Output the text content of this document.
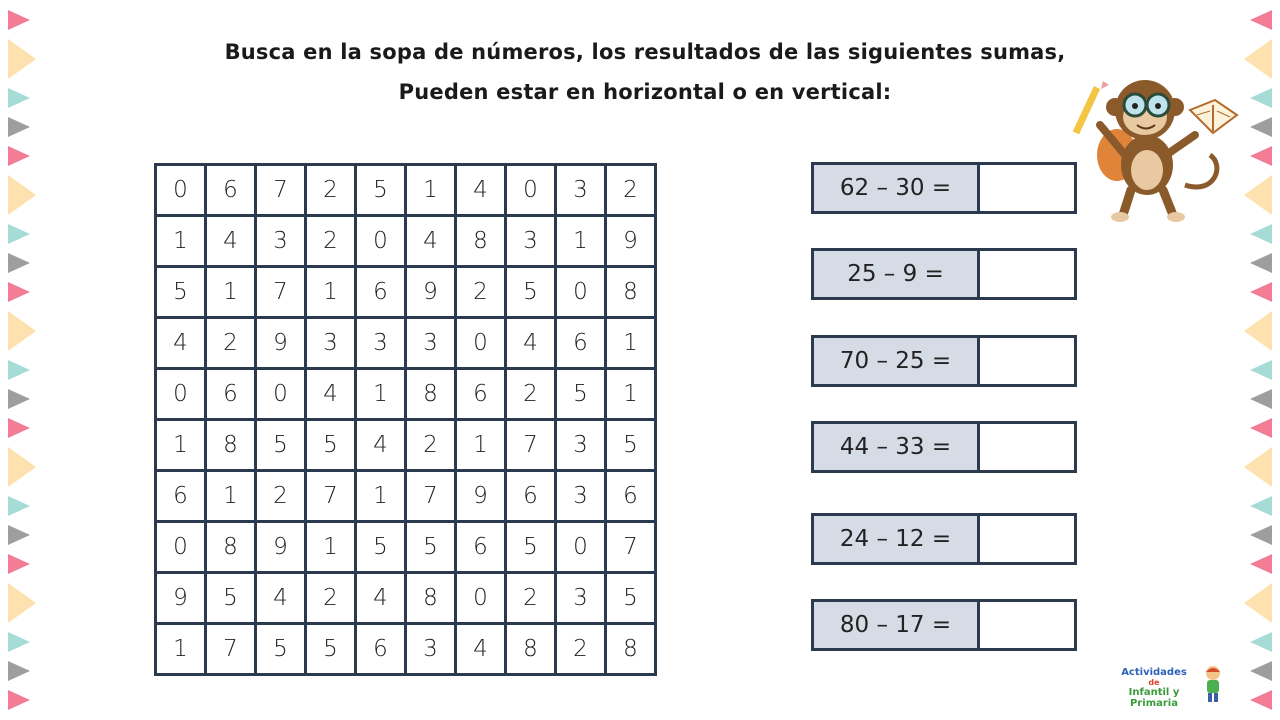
Busca en la sopa de números, los resultados de las siguientes sumas,
Pueden estar en horizontal o en vertical:
0	6	7	2	5	1	4	0	3	2
1	4	3	2	0	4	8	3	1	9
5	1	7	1	6	9	2	5	0	8
4	2	9	3	3	3	0	4	6	1
0	6	0	4	1	8	6	2	5	1
1	8	5	5	4	2	1	7	3	5
6	1	2	7	1	7	9	6	3	6
0	8	9	1	5	5	6	5	0	7
9	5	4	2	4	8	0	2	3	5
1	7	5	5	6	3	4	8	2	8
62 – 30 =
25 – 9 =
70 – 25 =
44 – 33 =
24 – 12 =
80 – 17 =
Actividades
de
Infantil y Primaria
